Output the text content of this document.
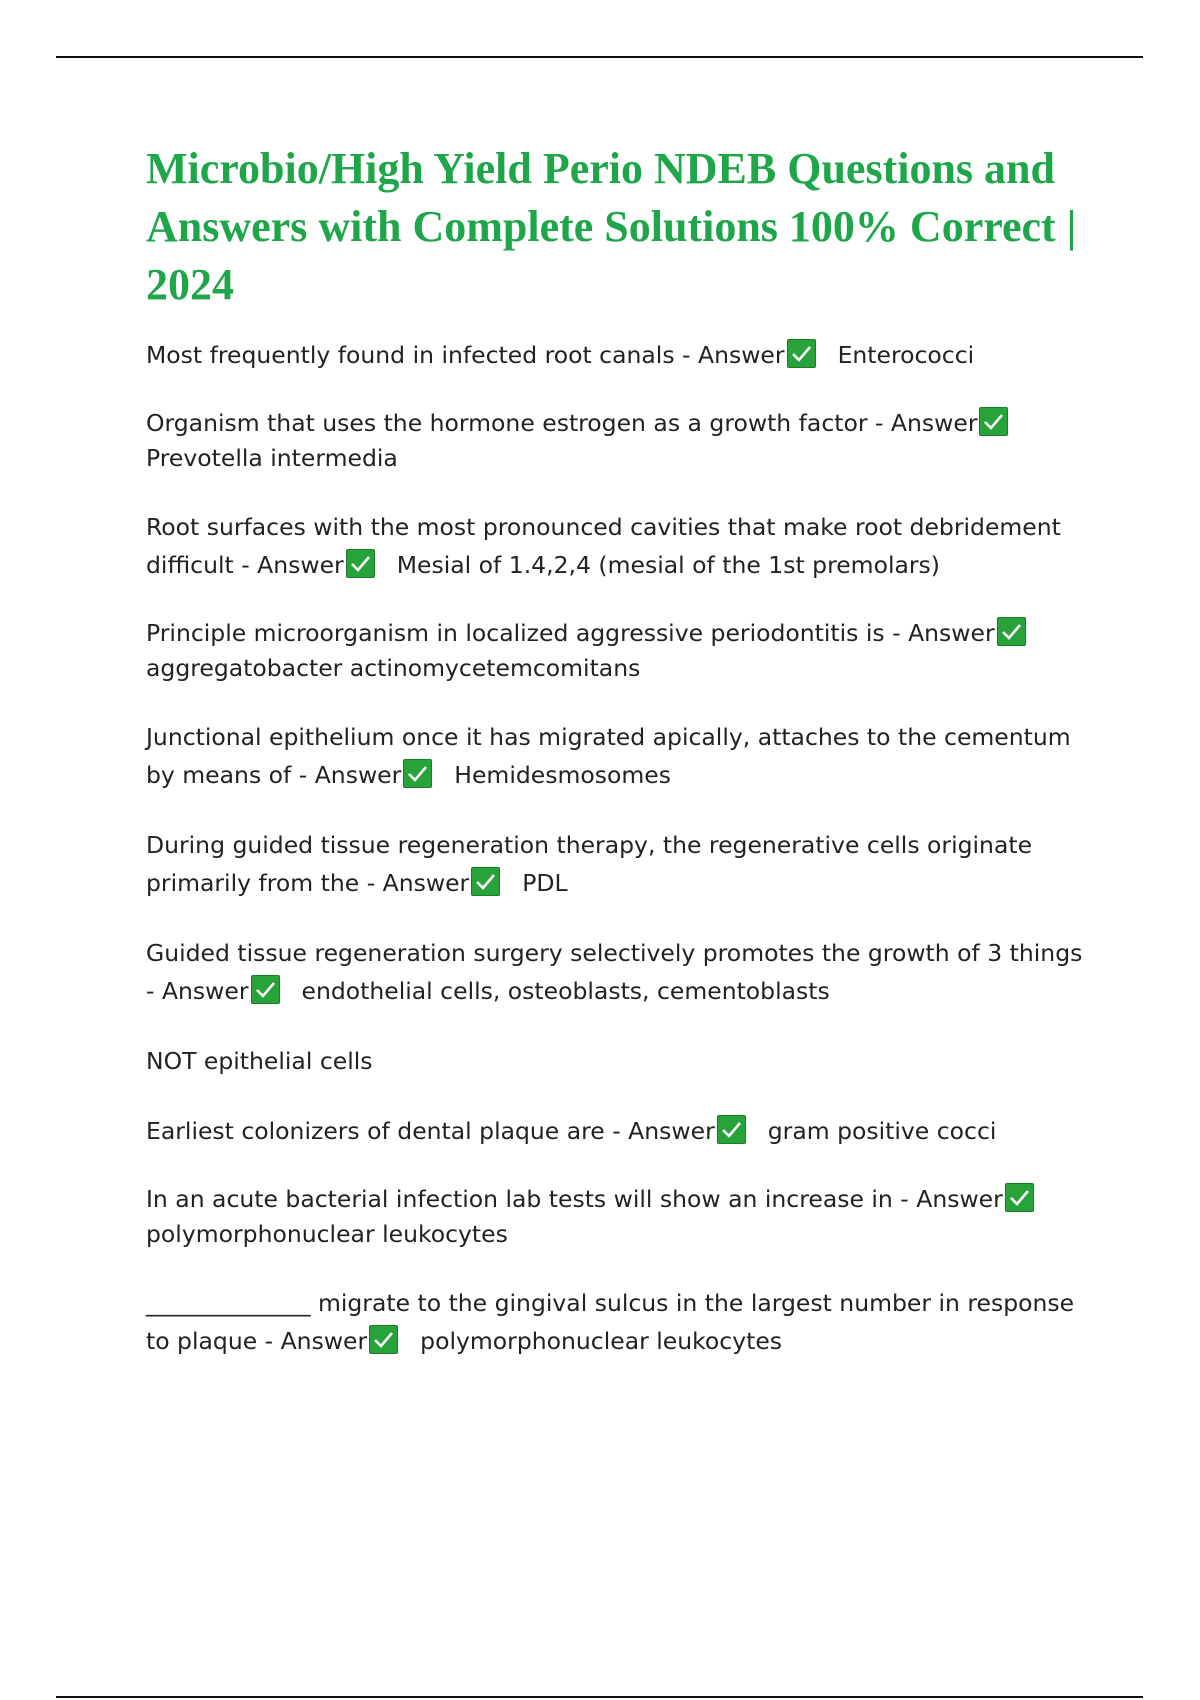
Microbio/High Yield Perio NDEB Questions and Answers with Complete Solutions 100% Correct | 2024

Most frequently found in infected root canals - Answer Enterococci

Organism that uses the hormone estrogen as a growth factor - Answer

Prevotella intermedia

Root surfaces with the most pronounced cavities that make root debridement difficult - Answer Mesial of 1.4,2,4 (mesial of the 1st premolars)

Principle microorganism in localized aggressive periodontitis is - Answer

aggregatobacter actinomycetemcomitans

Junctional epithelium once it has migrated apically, attaches to the cementum by means of - Answer Hemidesmosomes

During guided tissue regeneration therapy, the regenerative cells originate primarily from the - Answer PDL

Guided tissue regeneration surgery selectively promotes the growth of 3 things - Answer endothelial cells, osteoblasts, cementoblasts

NOT epithelial cells

Earliest colonizers of dental plaque are - Answer gram positive cocci

In an acute bacterial infection lab tests will show an increase in - Answer

polymorphonuclear leukocytes

______________ migrate to the gingival sulcus in the largest number in response to plaque - Answer polymorphonuclear leukocytes
